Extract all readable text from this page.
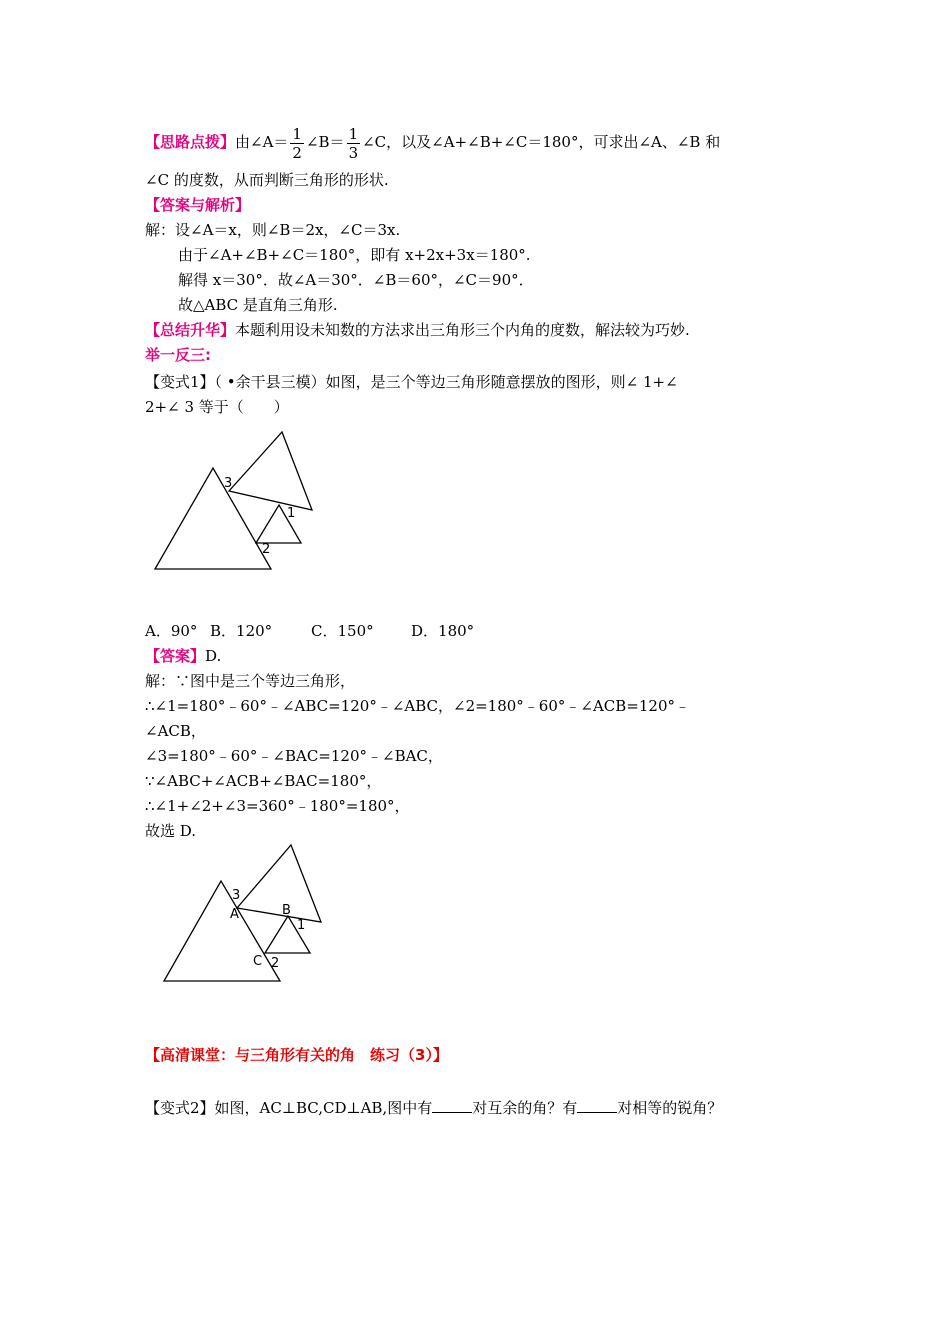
【思路点拨】由∠A＝ $\frac{1}{2}$ ∠B＝ $\frac{1}{3}$ ∠C，以及∠A+∠B+∠C＝180°，可求出∠A、∠B 和
∠C 的度数，从而判断三角形的形状.
【答案与解析】
解：设∠A＝x，则∠B＝2x，∠C＝3x.
由于∠A+∠B+∠C＝180°，即有 x+2x+3x＝180°.
解得 x＝30°．故∠A＝30°．∠B＝60°，∠C＝90°．
故△ABC 是直角三角形.
【总结升华】本题利用设未知数的方法求出三角形三个内角的度数，解法较为巧妙.
举一反三:
【变式1】（ •余干县三模）如图，是三个等边三角形随意摆放的图形，则∠ 1+∠
2+∠ 3 等于（　　）
3
1
2
A．90° B．120°	C．150° D．180°
【答案】D.
解：∵图中是三个等边三角形，
∴∠1=180°﹣60°﹣∠ABC=120°﹣∠ABC，∠2=180°﹣60°﹣∠ACB=120°﹣
∠ACB，
∠3=180°﹣60°﹣∠BAC=120°﹣∠BAC，
∵∠ABC+∠ACB+∠BAC=180°，
∴∠1+∠2+∠3=360°﹣180°=180°，
故选 D.
3
A	B
1
C 2
【高清课堂：与三角形有关的角　练习（3）】
【变式2】如图，AC⊥BC,CD⊥AB,图中有	对互余的角？有	对相等的锐角？
